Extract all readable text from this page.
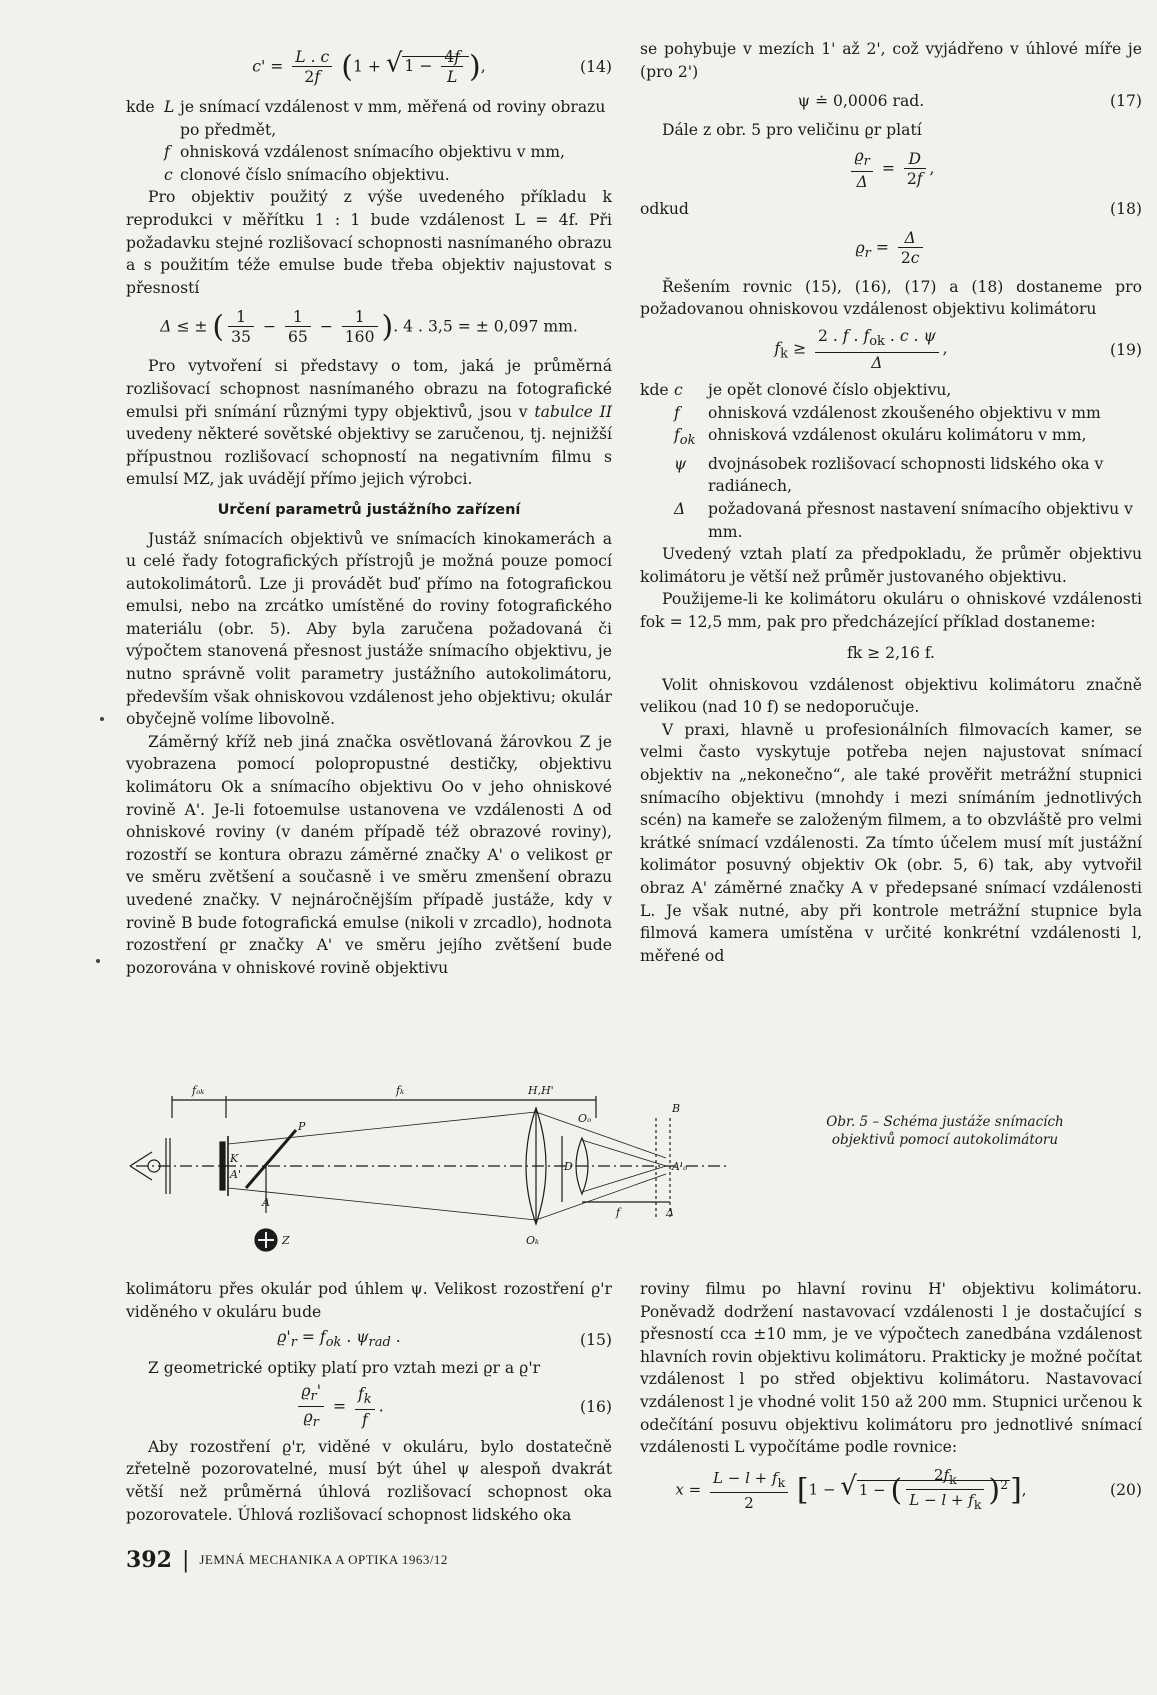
$c' = \frac{L . c}{2f} (1$ + √ $1 - \frac{4f}{L}$ ),	(14)
kde L je snímací vzdálenost v mm, měřená od roviny obrazu po předmět,
f ohnisková vzdálenost snímacího objektivu v mm,
c clonové číslo snímacího objektivu.

Pro objektiv použitý z výše uvedeného příkladu k reprodukci v měřítku 1 : 1 bude vzdálenost L = 4f. Při požadavku stejné rozlišovací schopnosti nasnímaného obrazu a s použitím téže emulse bude třeba objektiv najustovat s přesností

Δ ≤ ± ( $\frac{1}{35} - \frac{1}{65} - \frac{1}{160}$ ). 4 . 3,5 = ± 0,097 mm.

Pro vytvoření si představy o tom, jaká je průměrná rozlišovací schopnost nasnímaného obrazu na fotografické emulsi při snímání různými typy objektivů, jsou v tabulce II uvedeny některé sovětské objektivy se zaručenou, tj. nejnižší přípustnou rozlišovací schopností na negativním filmu s emulsí MZ, jak uvádějí přímo jejich výrobci.

Určení parametrů justážního zařízení

Justáž snímacích objektivů ve snímacích kinokamerách a u celé řady fotografických přístrojů je možná pouze pomocí autokolimátorů. Lze ji provádět buď přímo na fotografickou emulsi, nebo na zrcátko umístěné do roviny fotografického materiálu (obr. 5). Aby byla zaručena požadovaná či výpočtem stanovená přesnost justáže snímacího objektivu, je nutno správně volit parametry justážního autokolimátoru, především však ohniskovou vzdálenost jeho objektivu; okulár obyčejně volíme libovolně.

Záměrný kříž neb jiná značka osvětlovaná žárovkou Z je vyobrazena pomocí polopropustné destičky, objektivu kolimátoru Ok a snímacího objektivu Oo v jeho ohniskové rovině A'. Je-li fotoemulse ustanovena ve vzdálenosti Δ od ohniskové roviny (v daném případě též obrazové roviny), rozostří se kontura obrazu záměrné značky A' o velikost ϱr ve směru zvětšení a současně i ve směru zmenšení obrazu uvedené značky. V nejnáročnějším případě justáže, kdy v rovině B bude fotografická emulse (nikoli v zrcadlo), hodnota rozostření ϱr značky A' ve směru jejího zvětšení bude pozorována v ohniskové rovině objektivu

se pohybuje v mezích 1' až 2', což vyjádřeno v úhlové míře je (pro 2')

ψ ≐ 0,0006 rad.	(17)

Dále z obr. 5 pro veličinu ϱr platí

$\frac{ϱ_r}{\Delta} = \frac{D}{2f}$ ,
odkud	(18)
$ϱ_r = \frac{\Delta}{2c}$

Řešením rovnic (15), (16), (17) a (18) dostaneme pro požadovanou ohniskovou vzdálenost objektivu kolimátoru

$f_k \ge \frac{2 . f . f_{ok} . c . \psi}{\Delta}$ ,	(19)
kde c	je opět clonové číslo objektivu,
f	ohnisková vzdálenost zkoušeného objektivu v mm
$f_{ok}$ ohnisková vzdálenost okuláru kolimátoru v mm,
ψ	dvojnásobek rozlišovací schopnosti lidského oka v radiánech,
Δ	požadovaná přesnost nastavení snímacího objektivu v mm.

Uvedený vztah platí za předpokladu, že průměr objektivu kolimátoru je větší než průměr justovaného objektivu.

Použijeme-li ke kolimátoru okuláru o ohniskové vzdálenosti fok = 12,5 mm, pak pro předcházející příklad dostaneme:

fk ≥ 2,16 f.

Volit ohniskovou vzdálenost objektivu kolimátoru značně velikou (nad 10 f) se nedoporučuje.

V praxi, hlavně u profesionálních filmovacích kamer, se velmi často vyskytuje potřeba nejen najustovat snímací objektiv na „nekonečno“, ale také prověřit metrážní stupnici snímacího objektivu (mnohdy i mezi snímáním jednotlivých scén) na kameře se založeným filmem, a to obzvláště pro velmi krátké snímací vzdálenosti. Za tímto účelem musí mít justážní kolimátor posuvný objektiv Ok (obr. 5, 6) tak, aby vytvořil obraz A' záměrné značky A v předepsané snímací vzdálenosti L. Je však nutné, aby při kontrole metrážní stupnice byla filmová kamera umístěna v určité konkrétní vzdálenosti l, měřené od

fₒₖ	fₖ	H,H'
Oₒ
B
K
A'
P
A
Z
D
Oₖ
f	Δ
A'ₒ
Obr. 5 – Schéma justáže snímacích objektivů pomocí autokolimátoru

kolimátoru přes okulár pod úhlem ψ. Velikost rozostření ϱ'r viděného v okuláru bude

$ϱ'_r = f_{ok}$ . $\psi_{rad}$ .	(15)

Z geometrické optiky platí pro vztah mezi ϱr a ϱ'r

$\frac{ϱ_r'}{ϱ_r} = \frac{f_k}{f}$ .	(16)

Aby rozostření ϱ'r, viděné v okuláru, bylo dostatečně zřetelně pozorovatelné, musí být úhel ψ alespoň dvakrát větší než průměrná úhlová rozlišovací schopnost oka pozorovatele. Úhlová rozlišovací schopnost lidského oka

roviny filmu po hlavní rovinu H' objektivu kolimátoru. Poněvadž dodržení nastavovací vzdálenosti l je dostačující s přesností cca ±10 mm, je ve výpočtech zanedbána vzdálenost hlavních rovin objektivu kolimátoru. Prakticky je možné počítat vzdálenost l po střed objektivu kolimátoru. Nastavovací vzdálenost l je vhodné volit 150 až 200 mm. Stupnici určenou k odečítání posuvu objektivu kolimátoru pro jednotlivé snímací vzdálenosti L vypočítáme podle rovnice:

$x = \frac{L - l + f_k}{2} [1$ − √ 1 − ( $\frac{2f_k}{L - l + f_k} )^2$],	(20)
392 | JEMNÁ MECHANIKA A OPTIKA 1963/12
